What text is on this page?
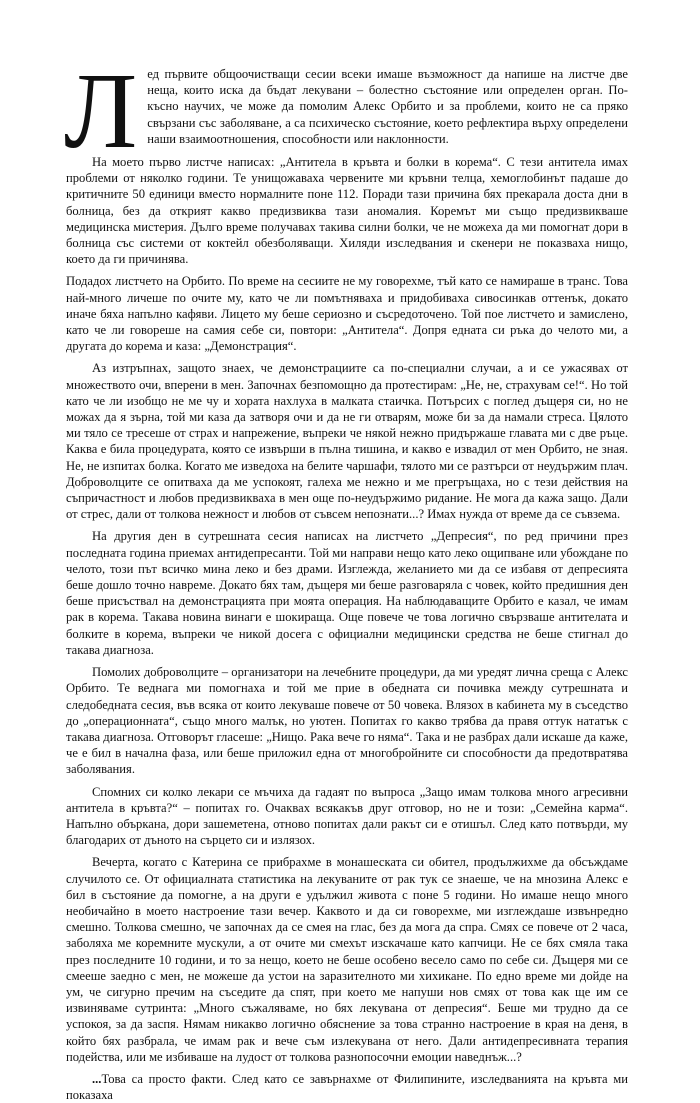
Л ед първите общоочистващи сесии всеки имаше възможност да напише на листче две неща, които иска да бъдат лекувани – болестно състояние или определен орган. По-късно научих, че може да помолим Алекс Орбито и за проблеми, които не са пряко свързани със заболяване, а са психическо състояние, което рефлектира върху определени наши взаимоотношения, способности или наклонности.

На моето първо листче написах: „Антитела в кръвта и болки в корема“. С тези антитела имах проблеми от няколко години. Те унищожаваха червените ми кръвни телца, хемоглобинът падаше до критичните 50 единици вместо нормалните поне 112. Поради тази причина бях прекарала доста дни в болница, без да открият какво предизвиква тази аномалия. Коремът ми също предизвикваше медицинска мистерия. Дълго време получавах такива силни болки, че не можеха да ми помогнат дори в болница със системи от коктейл обезболяващи. Хиляди изследвания и скенери не показваха нищо, което да ги причинява.

Подадох листчето на Орбито. По време на сесиите не му говорехме, тъй като се намираше в транс. Това най-много личеше по очите му, като че ли помътняваха и придобиваха сивосинкав оттенък, докато иначе бяха напълно кафяви. Лицето му беше сериозно и съсредоточено. Той пое листчето и замислено, като че ли говореше на самия себе си, повтори: „Антитела“. Допря едната си ръка до челото ми, а другата до корема и каза: „Демонстрация“.

Аз изтръпнах, защото знаех, че демонстрациите са по-специални случаи, а и се ужасявах от множеството очи, вперени в мен. Започнах безпомощно да протестирам: „Не, не, страхувам се!“. Но той като че ли изобщо не ме чу и хората нахлуха в малката стаичка. Потърсих с поглед дъщеря си, но не можах да я зърна, той ми каза да затворя очи и да не ги отварям, може би за да намали стреса. Цялото ми тяло се тресеше от страх и напрежение, въпреки че някой нежно придържаше главата ми с две ръце. Каква е била процедурата, която се извърши в пълна тишина, и какво е извадил от мен Орбито, не зная. Не, не изпитах болка. Когато ме изведоха на белите чаршафи, тялото ми се разтърси от неудържим плач. Доброволците се опитваха да ме успокоят, галеха ме нежно и ме прегръщаха, но с тези действия на съпричастност и любов предизвикваха в мен още по-неудържимо ридание. Не мога да кажа защо. Дали от стрес, дали от толкова нежност и любов от съвсем непознати...? Имах нужда от време да се съвзема.

На другия ден в сутрешната сесия написах на листчето „Депресия“, по ред причини през последната година приемах антидепресанти. Той ми направи нещо като леко ощипване или убождане по челото, този път всичко мина леко и без драми. Изглежда, желанието ми да се избавя от депресията беше дошло точно навреме. Докато бях там, дъщеря ми беше разговаряла с човек, който предишния ден беше присъствал на демонстрацията при моята операция. На наблюдаващите Орбито е казал, че имам рак в корема. Такава новина винаги е шокираща. Още повече че това логично свързваше антителата и болките в корема, въпреки че никой досега с официални медицински средства не беше стигнал до такава диагноза.

Помолих доброволците – организатори на лечебните процедури, да ми уредят лична среща с Алекс Орбито. Те веднага ми помогнаха и той ме прие в обедната си почивка между сутрешната и следобедната сесия, във всяка от които лекуваше повече от 50 човека. Влязох в кабинета му в съседство до „операционната“, също много малък, но уютен. Попитах го какво трябва да правя оттук нататък с такава диагноза. Отговорът гласеше: „Нищо. Рака вече го няма“. Така и не разбрах дали искаше да каже, че е бил в начална фаза, или беше приложил една от многобройните си способности да предотвратява заболявания.

Спомних си колко лекари се мъчиха да гадаят по въпроса „Защо имам толкова много агресивни антитела в кръвта?“ – попитах го. Очаквах всякакъв друг отговор, но не и този: „Семейна карма“. Напълно объркана, дори зашеметена, отново попитах дали ракът си е отишъл. След като потвърди, му благодарих от дъното на сърцето си и излязох.

Вечерта, когато с Катерина се прибрахме в монашеската си обител, продължихме да обсъждаме случилото се. От официалната статистика на лекуваните от рак тук се знаеше, че на мнозина Алекс е бил в състояние да помогне, а на други е удължил живота с поне 5 години. Но имаше нещо много необичайно в моето настроение тази вечер. Каквото и да си говорехме, ми изглеждаше извънредно смешно. Толкова смешно, че започнах да се смея на глас, без да мога да спра. Смях се повече от 2 часа, заболяха ме коремните мускули, а от очите ми смехът изскачаше като капчици. Не се бях смяла така през последните 10 години, и то за нещо, което не беше особено весело само по себе си. Дъщеря ми се смееше заедно с мен, не можеше да устои на заразителното ми хихикане. По едно време ми дойде на ум, че сигурно пречим на съседите да спят, при което ме напуши нов смях от това как ще им се извиняваме сутринта: „Много съжаляваме, но бях лекувана от депресия“. Беше ми трудно да се успокоя, за да заспя. Нямам никакво логично обяснение за това странно настроение в края на деня, в който бях разбрала, че имам рак и вече съм излекувана от него. Дали антидепресивната терапия подейства, или ме избиваше на лудост от толкова разнопосочни емоции наведнъж...?

...Това са просто факти. След като се завърнахме от Филипините, изследванията на кръвта ми показаха
